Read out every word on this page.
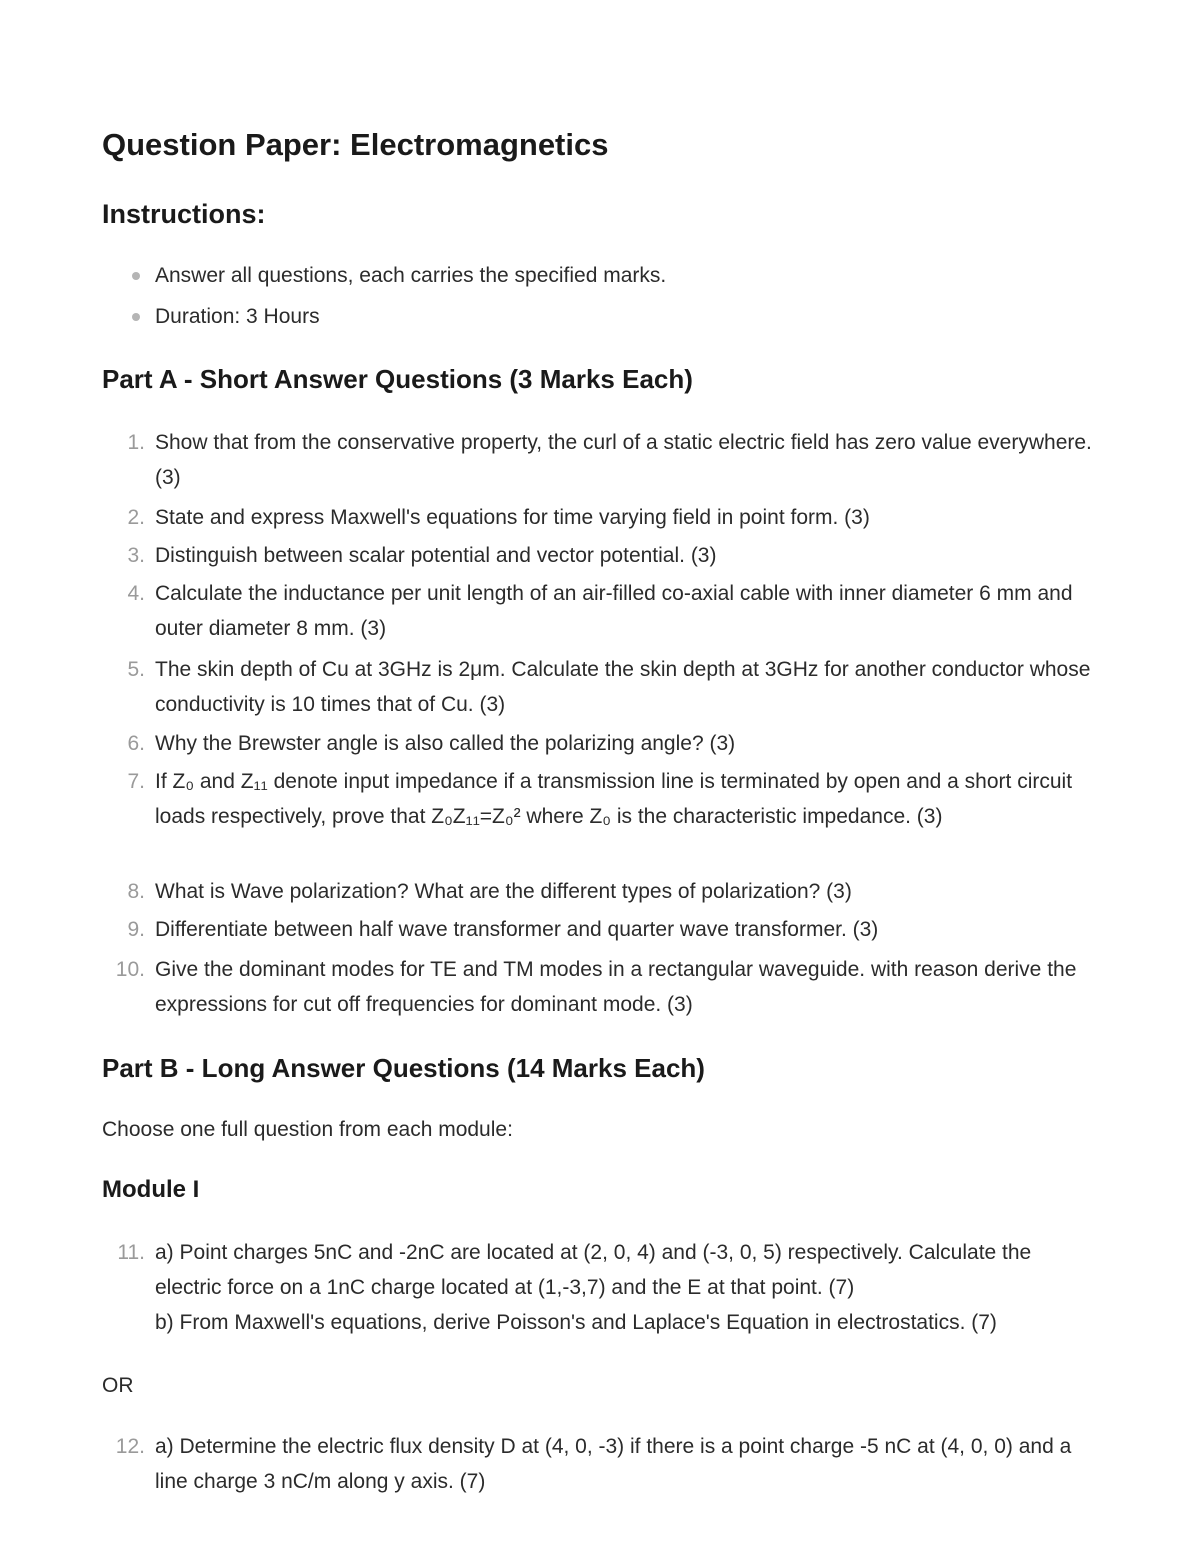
Question Paper: Electromagnetics
Instructions:
Answer all questions, each carries the specified marks.
Duration: 3 Hours
Part A - Short Answer Questions (3 Marks Each)
1. Show that from the conservative property, the curl of a static electric field has zero value everywhere. (3)
2. State and express Maxwell's equations for time varying field in point form. (3)
3. Distinguish between scalar potential and vector potential. (3)
4. Calculate the inductance per unit length of an air-filled co-axial cable with inner diameter 6 mm and outer diameter 8 mm. (3)
5. The skin depth of Cu at 3GHz is 2μm. Calculate the skin depth at 3GHz for another conductor whose conductivity is 10 times that of Cu. (3)
6. Why the Brewster angle is also called the polarizing angle? (3)
7. If Z₀ and Z₁₁ denote input impedance if a transmission line is terminated by open and a short circuit loads respectively, prove that Z₀Z₁₁=Z₀² where Z₀ is the characteristic impedance. (3)
8. What is Wave polarization? What are the different types of polarization? (3)
9. Differentiate between half wave transformer and quarter wave transformer. (3)
10. Give the dominant modes for TE and TM modes in a rectangular waveguide. with reason derive the expressions for cut off frequencies for dominant mode. (3)
Part B - Long Answer Questions (14 Marks Each)

Choose one full question from each module:

Module I
11. a) Point charges 5nC and -2nC are located at (2, 0, 4) and (-3, 0, 5) respectively. Calculate the electric force on a 1nC charge located at (1,-3,7) and the E at that point. (7)
b) From Maxwell's equations, derive Poisson's and Laplace's Equation in electrostatics. (7)

OR

12. a) Determine the electric flux density D at (4, 0, -3) if there is a point charge -5 nC at (4, 0, 0) and a line charge 3 nC/m along y axis. (7)
